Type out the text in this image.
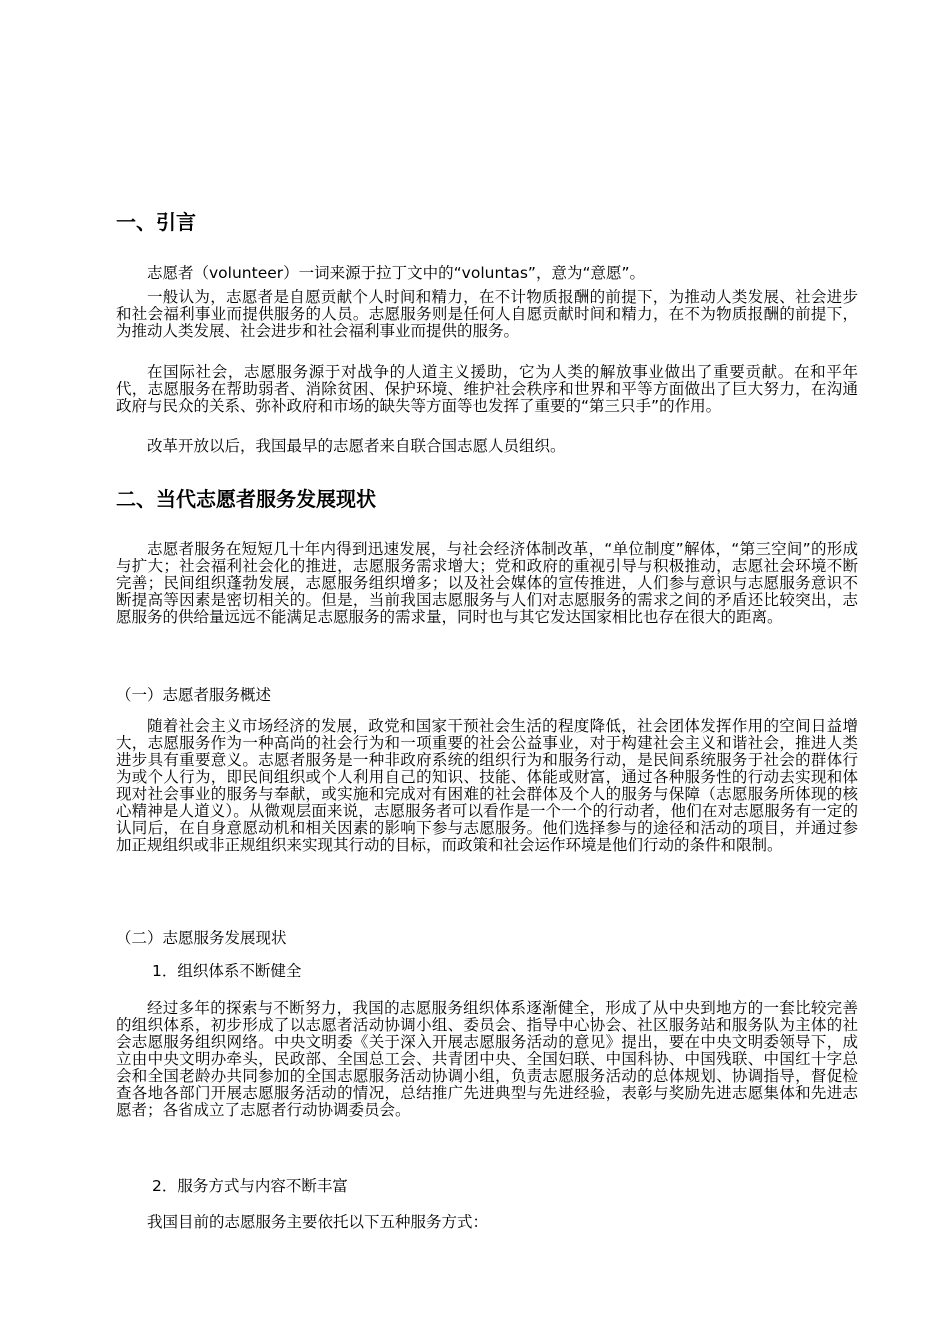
一、引言

志愿者（volunteer）一词来源于拉丁文中的“voluntas”，意为“意愿”。

一般认为，志愿者是自愿贡献个人时间和精力，在不计物质报酬的前提下，为推动人类发展、社会进步和社会福利事业而提供服务的人员。志愿服务则是任何人自愿贡献时间和精力，在不为物质报酬的前提下，为推动人类发展、社会进步和社会福利事业而提供的服务。

在国际社会，志愿服务源于对战争的人道主义援助，它为人类的解放事业做出了重要贡献。在和平年代，志愿服务在帮助弱者、消除贫困、保护环境、维护社会秩序和世界和平等方面做出了巨大努力，在沟通政府与民众的关系、弥补政府和市场的缺失等方面等也发挥了重要的“第三只手”的作用。

改革开放以后，我国最早的志愿者来自联合国志愿人员组织。

二、当代志愿者服务发展现状

志愿者服务在短短几十年内得到迅速发展，与社会经济体制改革，“单位制度”解体，“第三空间”的形成与扩大；社会福利社会化的推进，志愿服务需求增大；党和政府的重视引导与积极推动，志愿社会环境不断完善；民间组织蓬勃发展，志愿服务组织增多；以及社会媒体的宣传推进，人们参与意识与志愿服务意识不断提高等因素是密切相关的。但是，当前我国志愿服务与人们对志愿服务的需求之间的矛盾还比较突出，志愿服务的供给量远远不能满足志愿服务的需求量，同时也与其它发达国家相比也存在很大的距离。

（一）志愿者服务概述

随着社会主义市场经济的发展，政党和国家干预社会生活的程度降低，社会团体发挥作用的空间日益增大，志愿服务作为一种高尚的社会行为和一项重要的社会公益事业，对于构建社会主义和谐社会，推进人类进步具有重要意义。志愿者服务是一种非政府系统的组织行为和服务行动，是民间系统服务于社会的群体行为或个人行为，即民间组织或个人利用自己的知识、技能、体能或财富，通过各种服务性的行动去实现和体现对社会事业的服务与奉献，或实施和完成对有困难的社会群体及个人的服务与保障（志愿服务所体现的核心精神是人道义）。从微观层面来说，志愿服务者可以看作是一个一个的行动者，他们在对志愿服务有一定的认同后，在自身意愿动机和相关因素的影响下参与志愿服务。他们选择参与的途径和活动的项目，并通过参加正规组织或非正规组织来实现其行动的目标，而政策和社会运作环境是他们行动的条件和限制。

（二）志愿服务发展现状

1．组织体系不断健全

经过多年的探索与不断努力，我国的志愿服务组织体系逐渐健全，形成了从中央到地方的一套比较完善的组织体系，初步形成了以志愿者活动协调小组、委员会、指导中心协会、社区服务站和服务队为主体的社会志愿服务组织网络。中央文明委《关于深入开展志愿服务活动的意见》提出，要在中央文明委领导下，成立由中央文明办牵头，民政部、全国总工会、共青团中央、全国妇联、中国科协、中国残联、中国红十字总会和全国老龄办共同参加的全国志愿服务活动协调小组，负责志愿服务活动的总体规划、协调指导，督促检查各地各部门开展志愿服务活动的情况，总结推广先进典型与先进经验，表彰与奖励先进志愿集体和先进志愿者；各省成立了志愿者行动协调委员会。

2．服务方式与内容不断丰富

我国目前的志愿服务主要依托以下五种服务方式：
